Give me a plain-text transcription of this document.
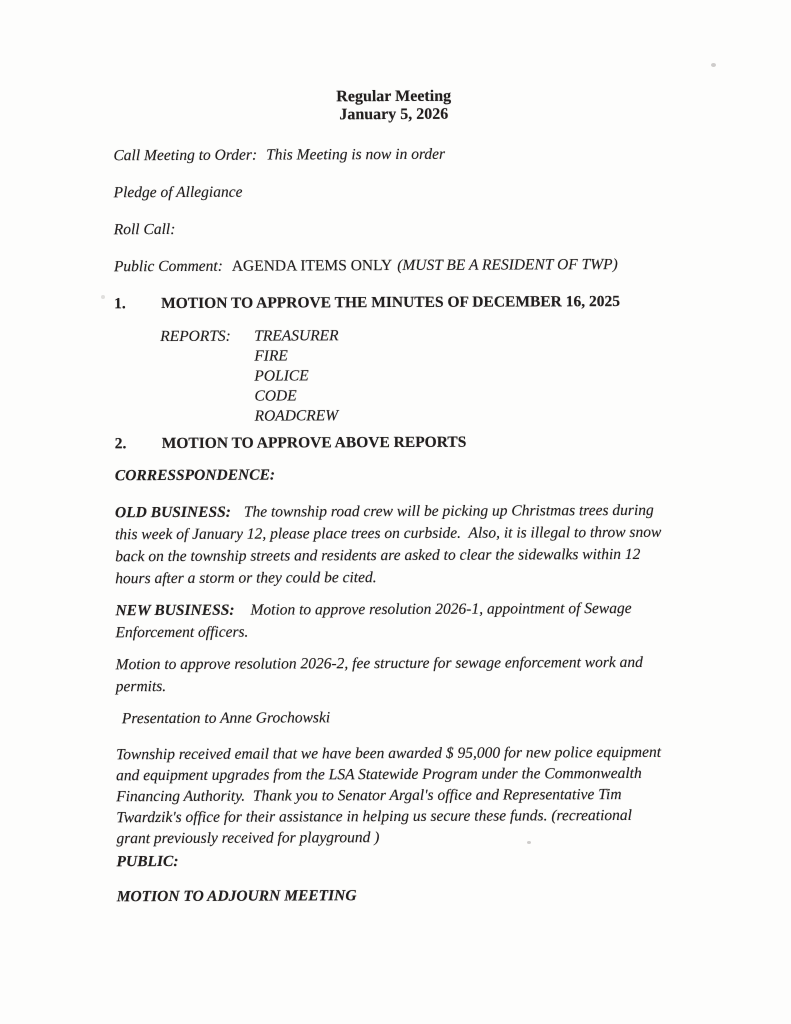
Regular Meeting
January 5, 2026

Call Meeting to Order: This Meeting is now in order

Pledge of Allegiance

Roll Call:

Public Comment: AGENDA ITEMS ONLY (MUST BE A RESIDENT OF TWP)

1.	MOTION TO APPROVE THE MINUTES OF DECEMBER 16, 2025
REPORTS:	TREASURER
FIRE
POLICE
CODE
ROADCREW
2.	MOTION TO APPROVE ABOVE REPORTS

CORRESSPONDENCE:

OLD BUSINESS: The township road crew will be picking up Christmas trees during
this week of January 12, please place trees on curbside.  Also, it is illegal to throw snow
back on the township streets and residents are asked to clear the sidewalks within 12
hours after a storm or they could be cited.

NEW BUSINESS: Motion to approve resolution 2026-1, appointment of Sewage
Enforcement officers.

Motion to approve resolution 2026-2, fee structure for sewage enforcement work and
permits.

Presentation to Anne Grochowski

Township received email that we have been awarded $ 95,000 for new police equipment
and equipment upgrades from the LSA Statewide Program under the Commonwealth
Financing Authority.  Thank you to Senator Argal's office and Representative Tim
Twardzik's office for their assistance in helping us secure these funds. (recreational
grant previously received for playground )

PUBLIC:

MOTION TO ADJOURN MEETING
